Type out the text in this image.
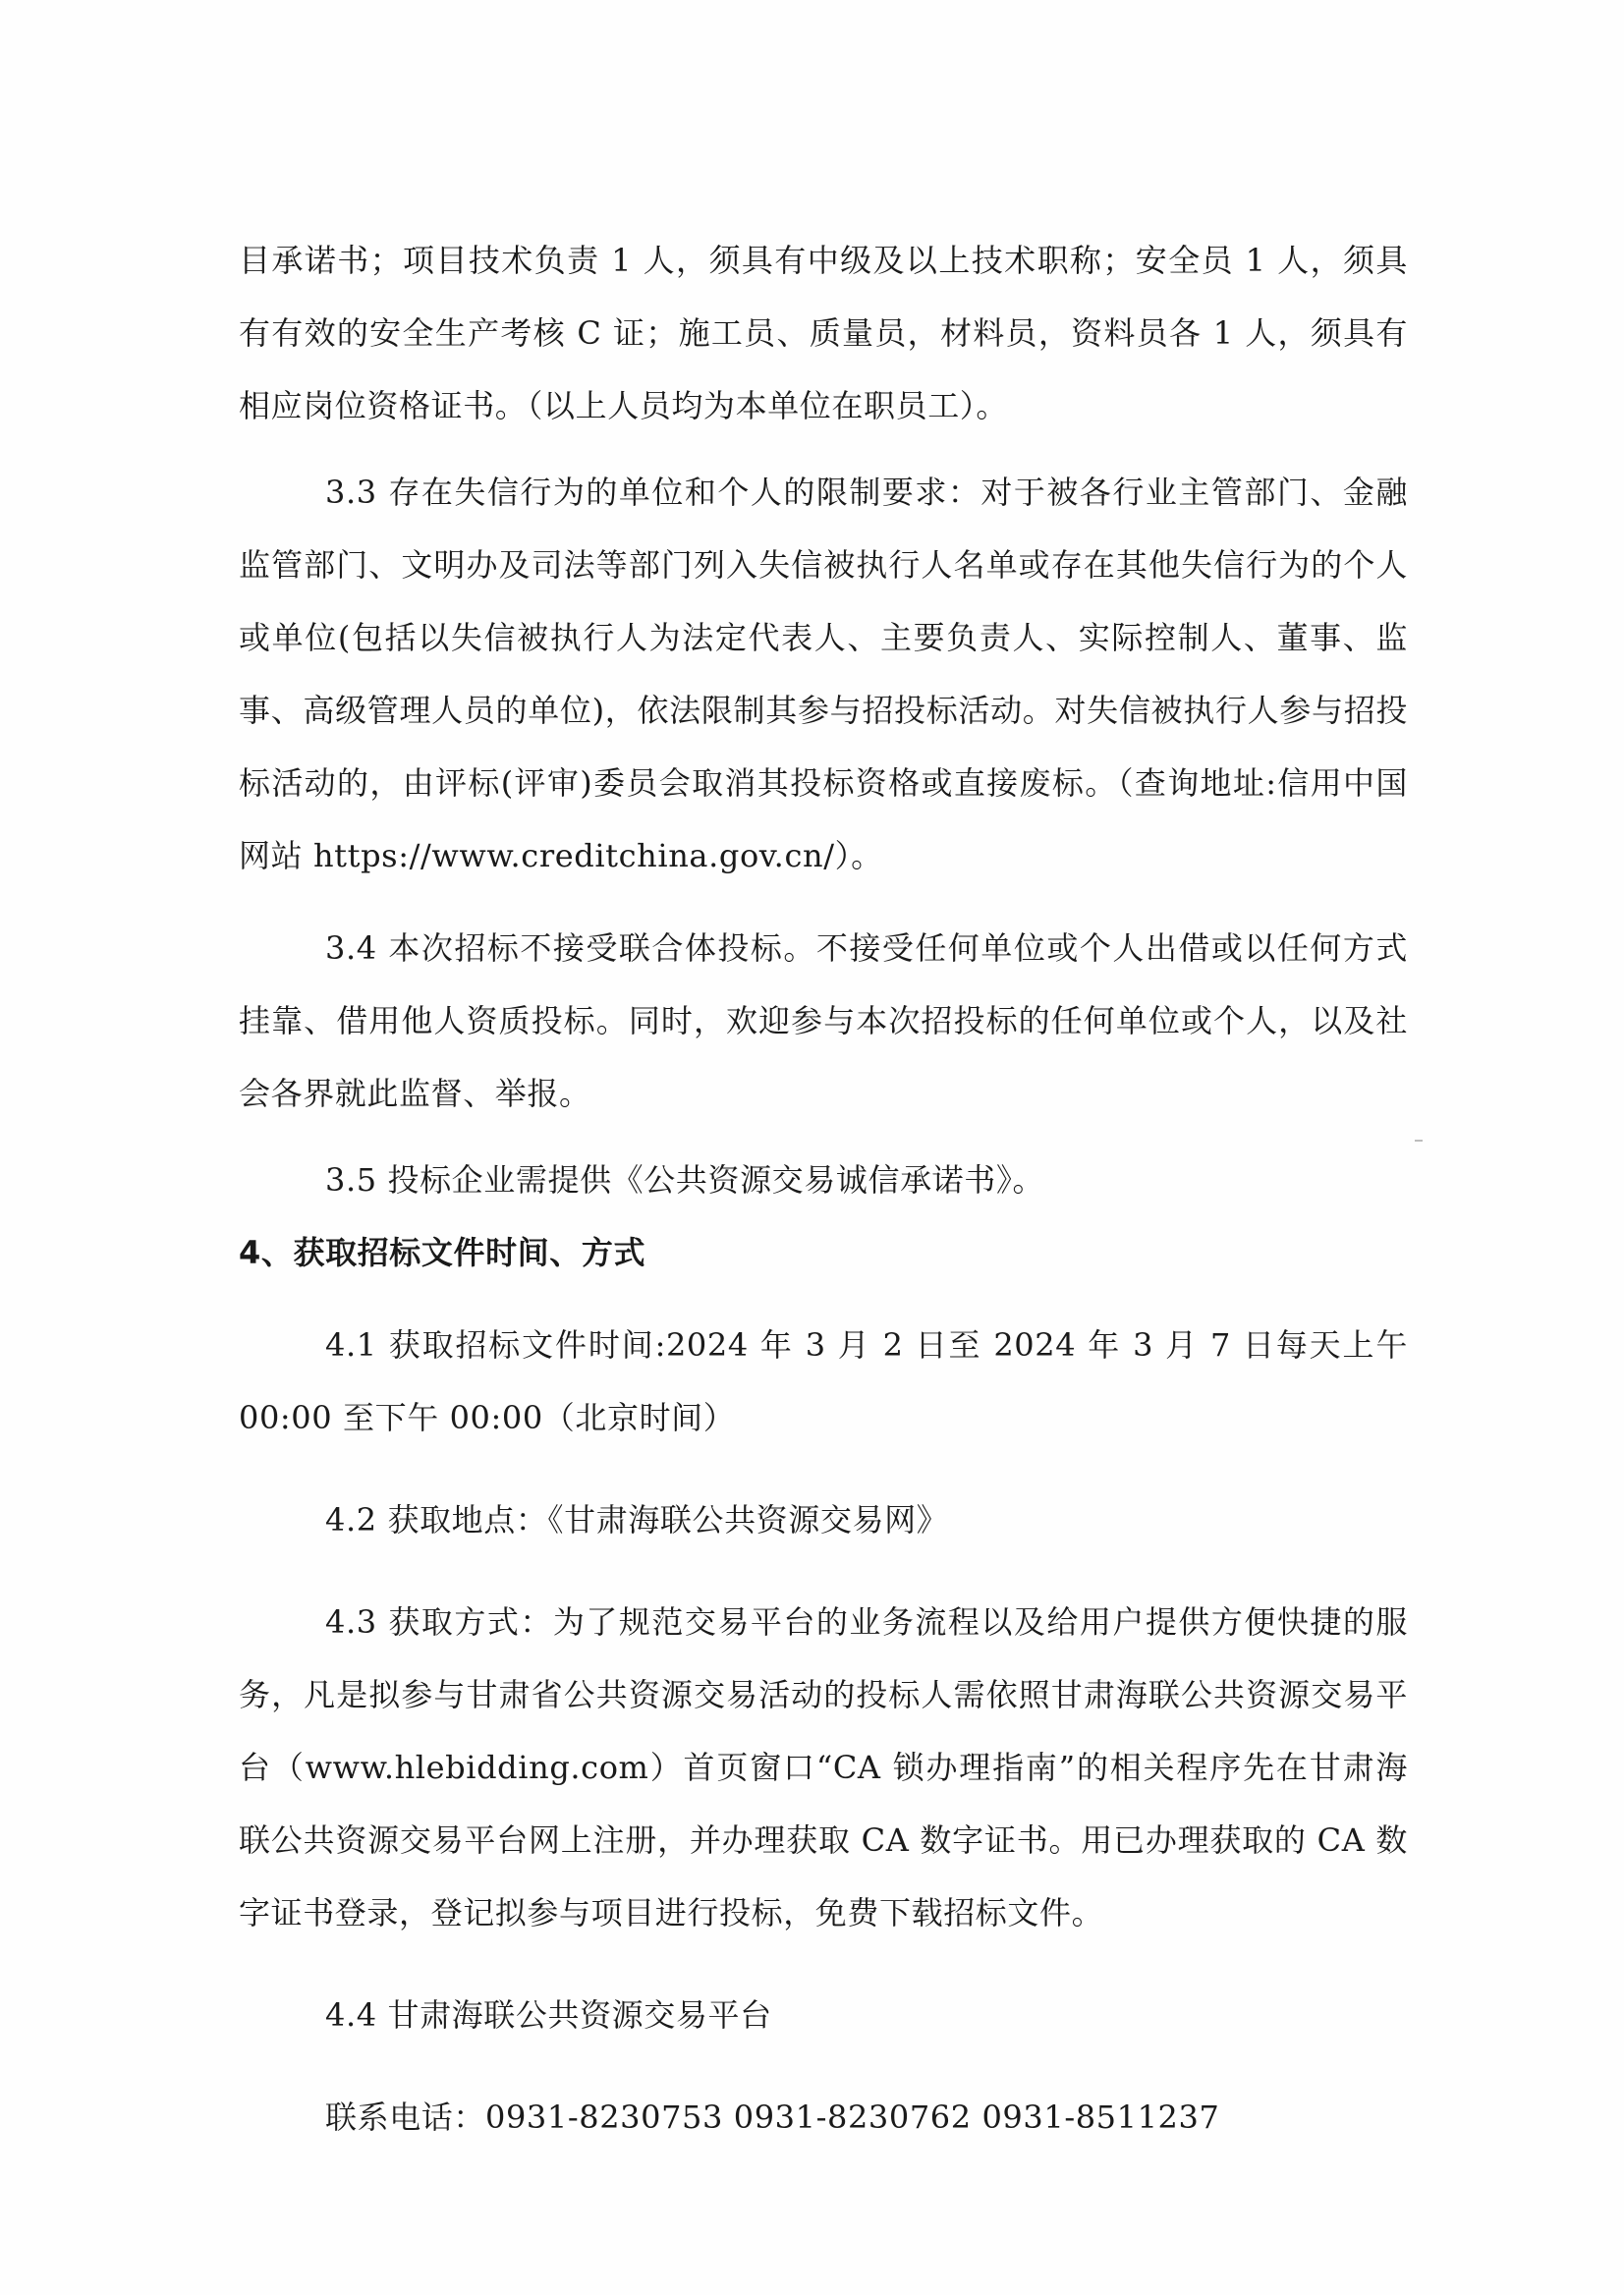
目承诺书；项目技术负责 1 人，须具有中级及以上技术职称；安全员 1 人，须具有有效的安全生产考核 C 证；施工员、质量员，材料员，资料员各 1 人，须具有相应岗位资格证书。（以上人员均为本单位在职员工）。

3.3 存在失信行为的单位和个人的限制要求：对于被各行业主管部门、金融监管部门、文明办及司法等部门列入失信被执行人名单或存在其他失信行为的个人或单位(包括以失信被执行人为法定代表人、主要负责人、实际控制人、董事、监事、高级管理人员的单位)，依法限制其参与招投标活动。对失信被执行人参与招投标活动的，由评标(评审)委员会取消其投标资格或直接废标。（查询地址:信用中国网站 https://www.creditchina.gov.cn/）。

3.4 本次招标不接受联合体投标。不接受任何单位或个人出借或以任何方式挂靠、借用他人资质投标。同时，欢迎参与本次招投标的任何单位或个人，以及社会各界就此监督、举报。

3.5 投标企业需提供《公共资源交易诚信承诺书》。

4、获取招标文件时间、方式

4.1 获取招标文件时间:2024 年 3 月 2 日至 2024 年 3 月 7 日每天上午 00:00 至下午 00:00（北京时间）

4.2 获取地点：《甘肃海联公共资源交易网》

4.3 获取方式：为了规范交易平台的业务流程以及给用户提供方便快捷的服务，凡是拟参与甘肃省公共资源交易活动的投标人需依照甘肃海联公共资源交易平台（www.hlebidding.com）首页窗口“CA 锁办理指南”的相关程序先在甘肃海联公共资源交易平台网上注册，并办理获取 CA 数字证书。用已办理获取的 CA 数字证书登录，登记拟参与项目进行投标，免费下载招标文件。

4.4 甘肃海联公共资源交易平台

联系电话：0931-8230753 0931-8230762 0931-8511237
